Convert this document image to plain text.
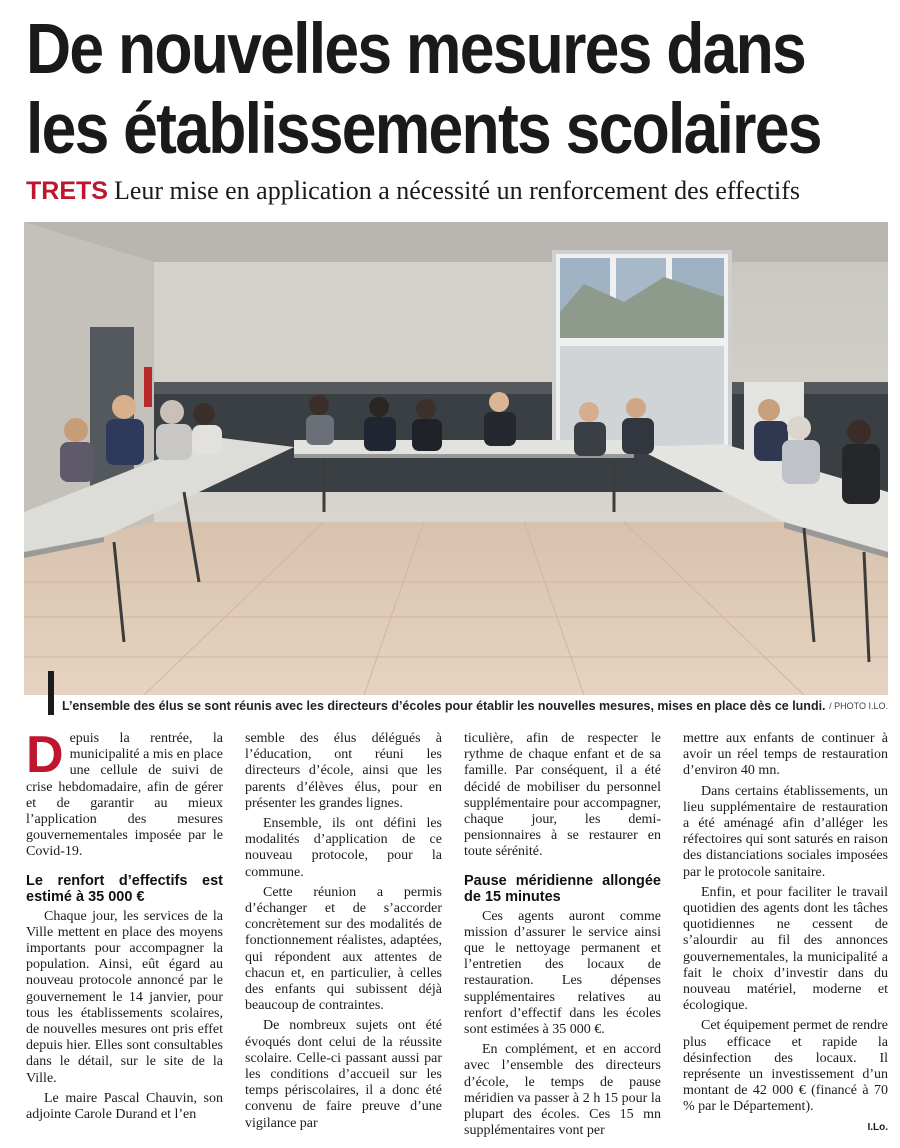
De nouvelles mesures dans
les établissements scolaires
TRETS Leur mise en application a nécessité un renforcement des effectifs
L’ensemble des élus se sont réunis avec les directeurs d’écoles pour établir les nouvelles mesures, mises en place dès ce lundi. / PHOTO I.LO.

Depuis la rentrée, la municipalité a mis en place une cellule de suivi de crise hebdomadaire, afin de gérer et de garantir au mieux l’application des mesures gouvernementales imposée par le Covid-19.

Le renfort d’effectifs est estimé à 35 000 €

Chaque jour, les services de la Ville mettent en place des moyens importants pour accompagner la population. Ainsi, eût égard au nouveau protocole annoncé par le gouvernement le 14 janvier, pour tous les établissements scolaires, de nouvelles mesures ont pris effet depuis hier. Elles sont consultables dans le détail, sur le site de la Ville.

Le maire Pascal Chauvin, son adjointe Carole Durand et l’en

semble des élus délégués à l’éducation, ont réuni les directeurs d’école, ainsi que les parents d’élèves élus, pour en présenter les grandes lignes.

Ensemble, ils ont défini les modalités d’application de ce nouveau protocole, pour la commune.

Cette réunion a permis d’échanger et de s’accorder concrètement sur des modalités de fonctionnement réalistes, adaptées, qui répondent aux attentes de chacun et, en particulier, à celles des enfants qui subissent déjà beaucoup de contraintes.

De nombreux sujets ont été évoqués dont celui de la réussite scolaire. Celle-ci passant aussi par les conditions d’accueil sur les temps périscolaires, il a donc été convenu de faire preuve d’une vigilance par

ticulière, afin de respecter le rythme de chaque enfant et de sa famille. Par conséquent, il a été décidé de mobiliser du personnel supplémentaire pour accompagner, chaque jour, les demi-pensionnaires à se restaurer en toute sérénité.

Pause méridienne allongée de 15 minutes

Ces agents auront comme mission d’assurer le service ainsi que le nettoyage permanent et l’entretien des locaux de restauration. Les dépenses supplémentaires relatives au renfort d’effectif dans les écoles sont estimées à 35 000 €.

En complément, et en accord avec l’ensemble des directeurs d’école, le temps de pause méridien va passer à 2 h 15 pour la plupart des écoles. Ces 15 mn supplémentaires vont per

mettre aux enfants de continuer à avoir un réel temps de restauration d’environ 40 mn.

Dans certains établissements, un lieu supplémentaire de restauration a été aménagé afin d’alléger les réfectoires qui sont saturés en raison des distanciations sociales imposées par le protocole sanitaire.

Enfin, et pour faciliter le travail quotidien des agents dont les tâches quotidiennes ne cessent de s’alourdir au fil des annonces gouvernementales, la municipalité a fait le choix d’investir dans du nouveau matériel, moderne et écologique.

Cet équipement permet de rendre plus efficace et rapide la désinfection des locaux. Il représente un investissement d’un montant de 42 000 € (financé à 70 % par le Département).

I.Lo.
